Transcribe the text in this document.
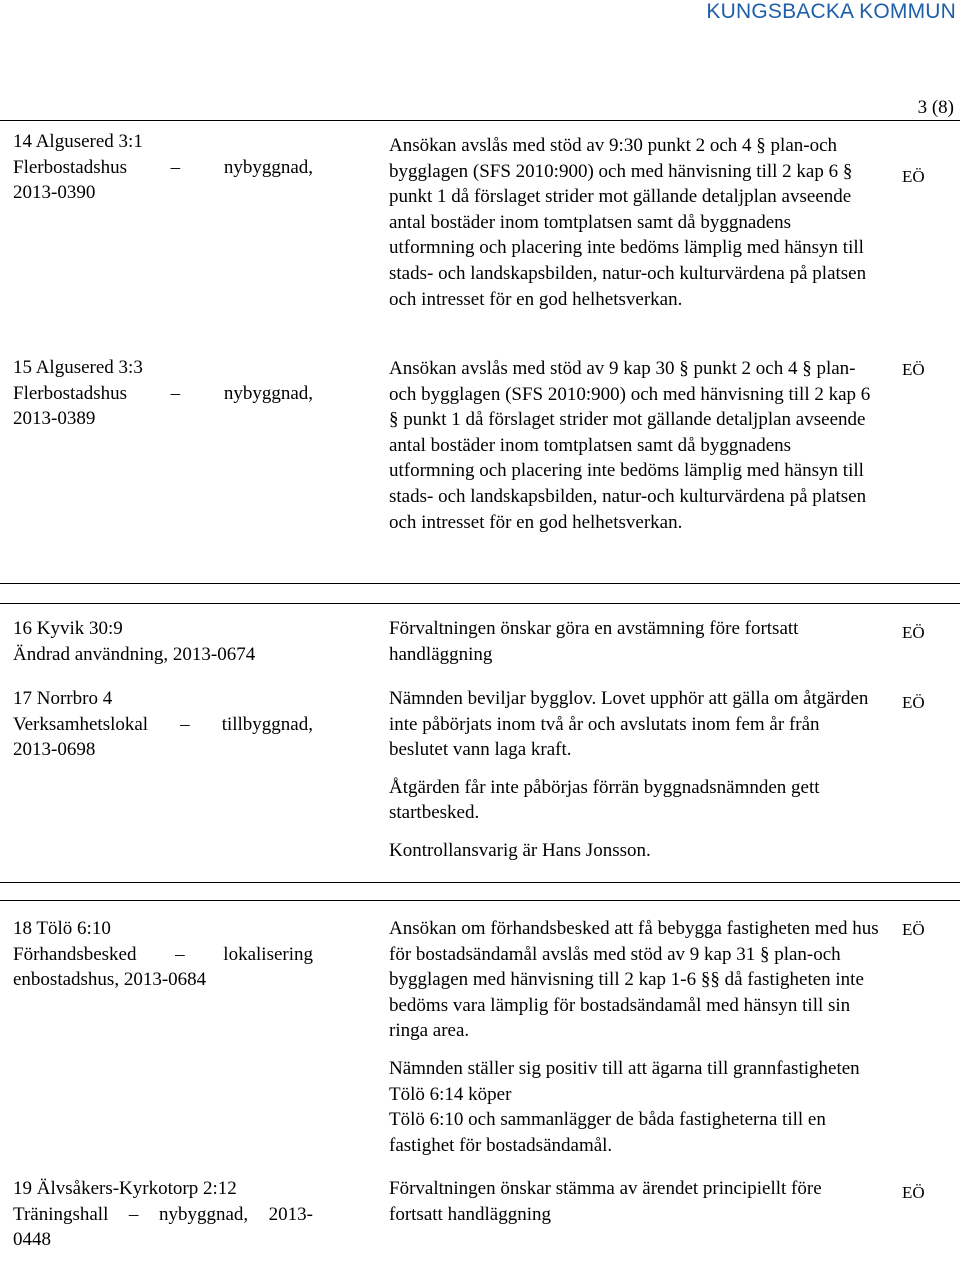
KUNGSBACKA KOMMUN
3 (8)

14 Algusered 3:1

Flerbostadshus – nybyggnad,

2013-0390

Ansökan avslås med stöd av 9:30 punkt 2 och 4 § plan-och bygglagen (SFS 2010:900) och med hänvisning till 2 kap 6 § punkt 1 då förslaget strider mot gällande detaljplan avseende antal bostäder inom tomtplatsen samt då byggnadens utformning och placering inte bedöms lämplig med hänsyn till stads- och landskapsbilden, natur-och kulturvärdena på platsen och intresset för en god helhetsverkan.

EÖ

15 Algusered 3:3

Flerbostadshus – nybyggnad,

2013-0389

Ansökan avslås med stöd av 9 kap 30 § punkt 2 och 4 § plan-och bygglagen (SFS 2010:900) och med hänvisning till 2 kap 6 § punkt 1 då förslaget strider mot gällande detaljplan avseende antal bostäder inom tomtplatsen samt då byggnadens utformning och placering inte bedöms lämplig med hänsyn till stads- och landskapsbilden, natur-och kulturvärdena på platsen och intresset för en god helhetsverkan.

EÖ

16 Kyvik 30:9

Ändrad användning, 2013-0674

Förvaltningen önskar göra en avstämning före fortsatt handläggning

EÖ

17 Norrbro 4

Verksamhetslokal – tillbyggnad,

2013-0698

Nämnden beviljar bygglov. Lovet upphör att gälla om åtgärden inte påbörjats inom två år och avslutats inom fem år från beslutet vann laga kraft.

Åtgärden får inte påbörjas förrän byggnadsnämnden gett startbesked.

Kontrollansvarig är Hans Jonsson.

EÖ

18 Tölö 6:10

Förhandsbesked – lokalisering

enbostadshus, 2013-0684

Ansökan om förhandsbesked att få bebygga fastigheten med hus för bostadsändamål avslås med stöd av 9 kap 31 § plan-och bygglagen med hänvisning till 2 kap 1-6 §§ då fastigheten inte bedöms vara lämplig för bostadsändamål med hänsyn till sin ringa area.

Nämnden ställer sig positiv till att ägarna till grannfastigheten Tölö 6:14 köper
Tölö 6:10 och sammanlägger de båda fastigheterna till en fastighet för bostadsändamål.

EÖ

19 Älvsåkers-Kyrkotorp 2:12

Träningshall – nybyggnad, 2013-

0448

Förvaltningen önskar stämma av ärendet principiellt före fortsatt handläggning

EÖ
